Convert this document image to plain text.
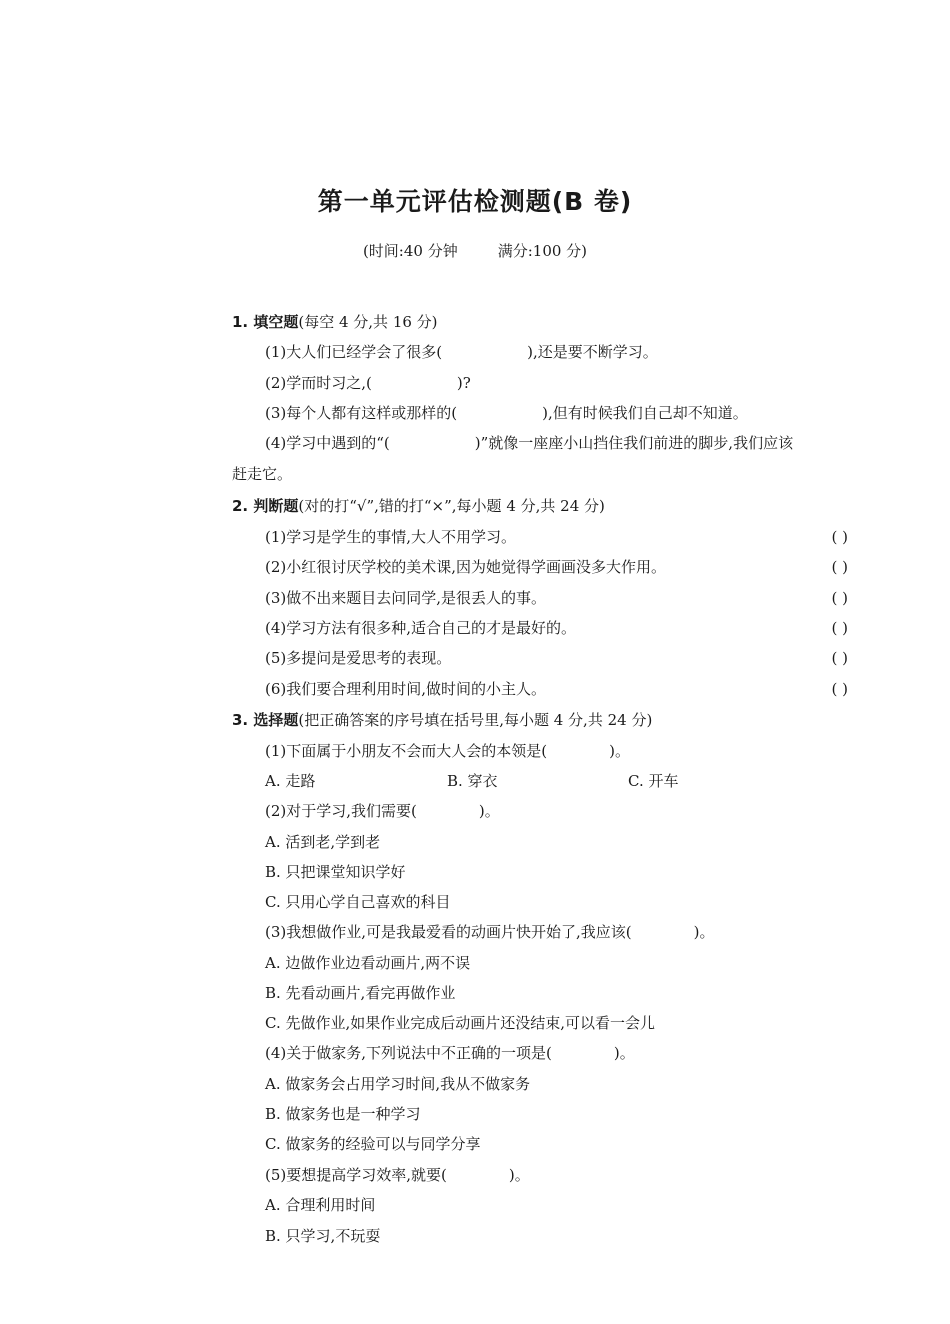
第一单元评估检测题(B 卷)
(时间:40 分钟	满分:100 分)
1. 填空题(每空 4 分,共 16 分)
(1)大人们已经学会了很多(	),还是要不断学习。
(2)学而时习之,(	)?
(3)每个人都有这样或那样的(	),但有时候我们自己却不知道。
(4)学习中遇到的“(	)”就像一座座小山挡住我们前进的脚步,我们应该
赶走它。
2. 判断题(对的打“√”,错的打“×”,每小题 4 分,共 24 分)
(1)学习是学生的事情,大人不用学习。	( )
(2)小红很讨厌学校的美术课,因为她觉得学画画没多大作用。	( )
(3)做不出来题目去问同学,是很丢人的事。	( )
(4)学习方法有很多种,适合自己的才是最好的。	( )
(5)多提问是爱思考的表现。	( )
(6)我们要合理利用时间,做时间的小主人。	( )
3. 选择题(把正确答案的序号填在括号里,每小题 4 分,共 24 分)
(1)下面属于小朋友不会而大人会的本领是(	)。
A. 走路	B. 穿衣	C. 开车
(2)对于学习,我们需要(	)。
A. 活到老,学到老
B. 只把课堂知识学好
C. 只用心学自己喜欢的科目
(3)我想做作业,可是我最爱看的动画片快开始了,我应该(	)。
A. 边做作业边看动画片,两不误
B. 先看动画片,看完再做作业
C. 先做作业,如果作业完成后动画片还没结束,可以看一会儿
(4)关于做家务,下列说法中不正确的一项是(	)。
A. 做家务会占用学习时间,我从不做家务
B. 做家务也是一种学习
C. 做家务的经验可以与同学分享
(5)要想提高学习效率,就要(	)。
A. 合理利用时间
B. 只学习,不玩耍
